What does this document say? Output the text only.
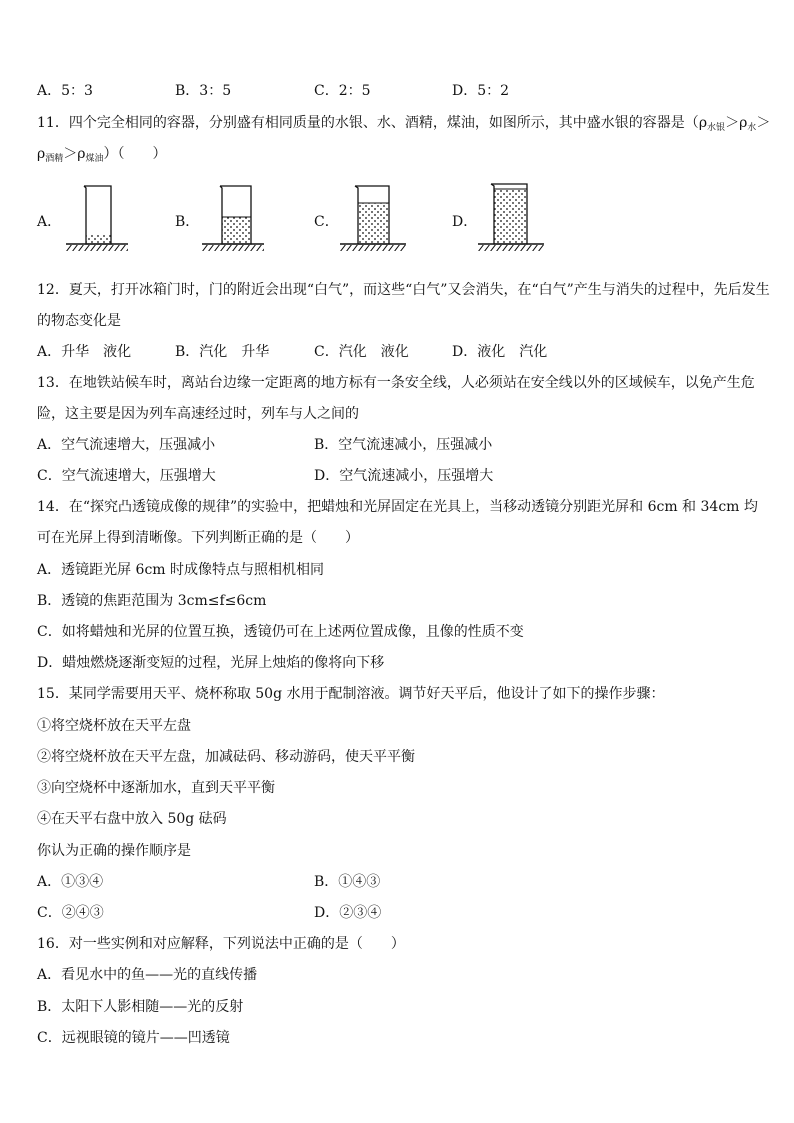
A．5：3	B．3：5	C．2：5	D．5：2
11．四个完全相同的容器，分别盛有相同质量的水银、水、酒精，煤油，如图所示，其中盛水银的容器是（$\rho_{水银}>\rho_水>$
$\rho_{酒精}>\rho_{煤油}$）（　　）
A．	B．	C．	D．
12．夏天，打开冰箱门时，门的附近会出现“白气”，而这些“白气”又会消失，在“白气”产生与消失的过程中，先后发生
的物态变化是
A．升华　液化	B．汽化　升华	C．汽化　液化	D．液化　汽化
13．在地铁站候车时，离站台边缘一定距离的地方标有一条安全线，人必须站在安全线以外的区域候车，以免产生危
险，这主要是因为列车高速经过时，列车与人之间的
A．空气流速增大，压强减小	B．空气流速减小，压强减小
C．空气流速增大，压强增大	D．空气流速减小，压强增大
14．在“探究凸透镜成像的规律”的实验中，把蜡烛和光屏固定在光具上，当移动透镜分别距光屏和 6cm 和 34cm 均
可在光屏上得到清晰像。下列判断正确的是（　　）
A．透镜距光屏 6cm 时成像特点与照相机相同
B．透镜的焦距范围为 3cm≤f≤6cm
C．如将蜡烛和光屏的位置互换，透镜仍可在上述两位置成像，且像的性质不变
D．蜡烛燃烧逐渐变短的过程，光屏上烛焰的像将向下移
15．某同学需要用天平、烧杯称取 50g 水用于配制溶液。调节好天平后，他设计了如下的操作步骤：
①将空烧杯放在天平左盘
②将空烧杯放在天平左盘，加减砝码、移动游码，使天平平衡
③向空烧杯中逐渐加水，直到天平平衡
④在天平右盘中放入 50g 砝码
你认为正确的操作顺序是
A．①③④	B．①④③
C．②④③	D．②③④
16．对一些实例和对应解释，下列说法中正确的是（　　）
A．看见水中的鱼——光的直线传播
B．太阳下人影相随——光的反射
C．远视眼镜的镜片——凹透镜
